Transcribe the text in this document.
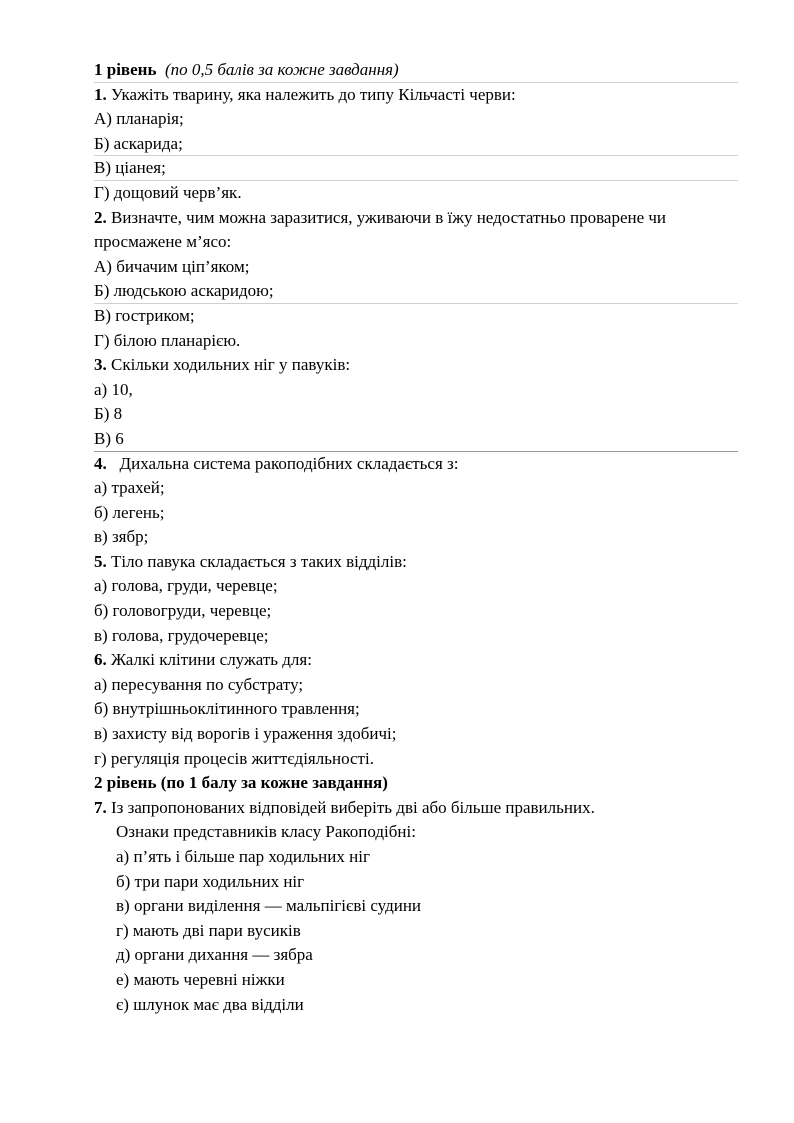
1 рівень (по 0,5 балів за кожне завдання)
1. Укажіть тварину, яка належить до типу Кільчасті черви:
А) планарія;
Б) аскарида;
В) ціанея;
Г) дощовий черв’як.
2. Визначте, чим можна заразитися, уживаючи в їжу недостатньо проварене чи
просмажене м’ясо:
А) бичачим ціп’яком;
Б) людською аскаридою;
В) гостриком;
Г) білою планарією.
3. Скільки ходильних ніг у павуків:
а) 10,
Б) 8
В) 6
4. Дихальна система ракоподібних складається з:
а) трахей;
б) легень;
в) зябр;
5. Тіло павука складається з таких відділів:
а) голова, груди, черевце;
б) головогруди, черевце;
в) голова, грудочеревце;
6. Жалкі клітини служать для:
а) пересування по субстрату;
б) внутрішньоклітинного травлення;
в) захисту від ворогів і ураження здобичі;
г) регуляція процесів життєдіяльності.
2 рівень (по 1 балу за кожне завдання)
7. Із запропонованих відповідей виберіть дві або більше правильних.
Ознаки представників класу Ракоподібні:
а) п’ять і більше пар ходильних ніг
б) три пари ходильних ніг
в) органи виділення — мальпігієві судини
г) мають дві пари вусиків
д) органи дихання — зябра
е) мають черевні ніжки
є) шлунок має два відділи
